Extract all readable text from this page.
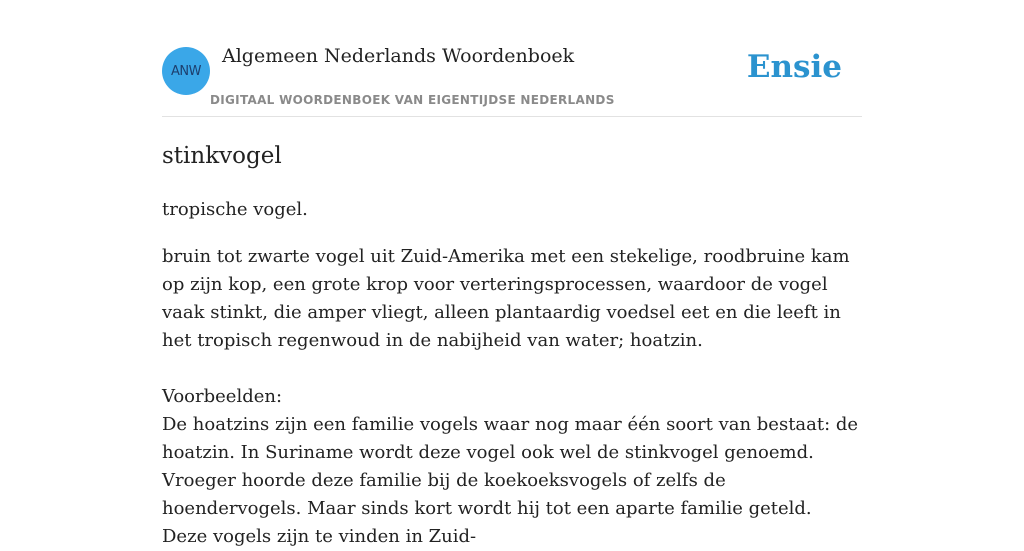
ANW
Algemeen Nederlands Woordenboek
DIGITAAL WOORDENBOEK VAN EIGENTIJDSE NEDERLANDS
Ensie
stinkvogel

tropische vogel.

bruin tot zwarte vogel uit Zuid-Amerika met een stekelige, roodbruine kam op zijn kop, een grote krop voor verteringsprocessen, waardoor de vogel vaak stinkt, die amper vliegt, alleen plantaardig voedsel eet en die leeft in het tropisch regenwoud in de nabijheid van water; hoatzin.

Voorbeelden:

De hoatzins zijn een familie vogels waar nog maar één soort van bestaat: de hoatzin. In Suriname wordt deze vogel ook wel de stinkvogel genoemd. Vroeger hoorde deze familie bij de koekoeksvogels of zelfs de hoendervogels. Maar sinds kort wordt hij tot een aparte familie geteld. Deze vogels zijn te vinden in Zuid-
